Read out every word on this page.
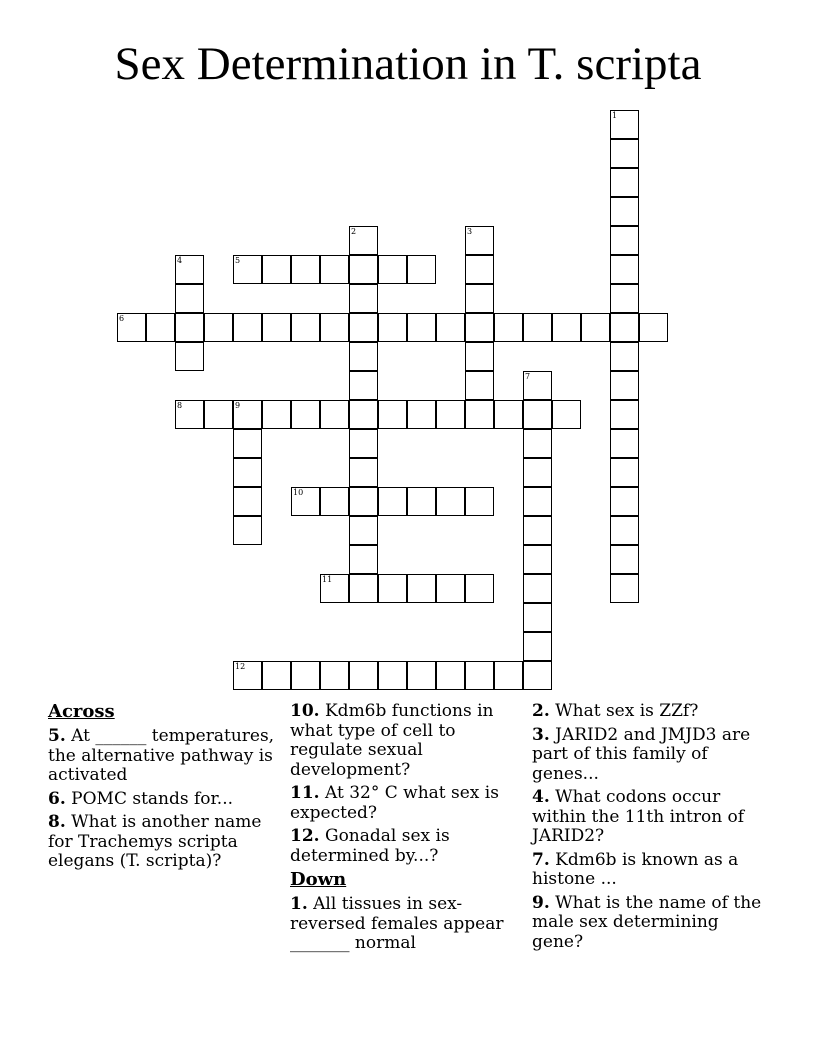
Sex Determination in T. scripta
1
2	3
4	5
6
7
8	9
10
11
12
Across

5. At ______ temperatures, the alternative pathway is activated

6. POMC stands for...

8. What is another name for Trachemys scripta elegans (T. scripta)?

10. Kdm6b functions in what type of cell to regulate sexual development?

11. At 32° C what sex is expected?

12. Gonadal sex is determined by...?

Down

1. All tissues in sex-reversed females appear _______ normal

2. What sex is ZZf?

3. JARID2 and JMJD3 are part of this family of genes...

4. What codons occur within the 11th intron of JARID2?

7. Kdm6b is known as a histone ...

9. What is the name of the male sex determining gene?
